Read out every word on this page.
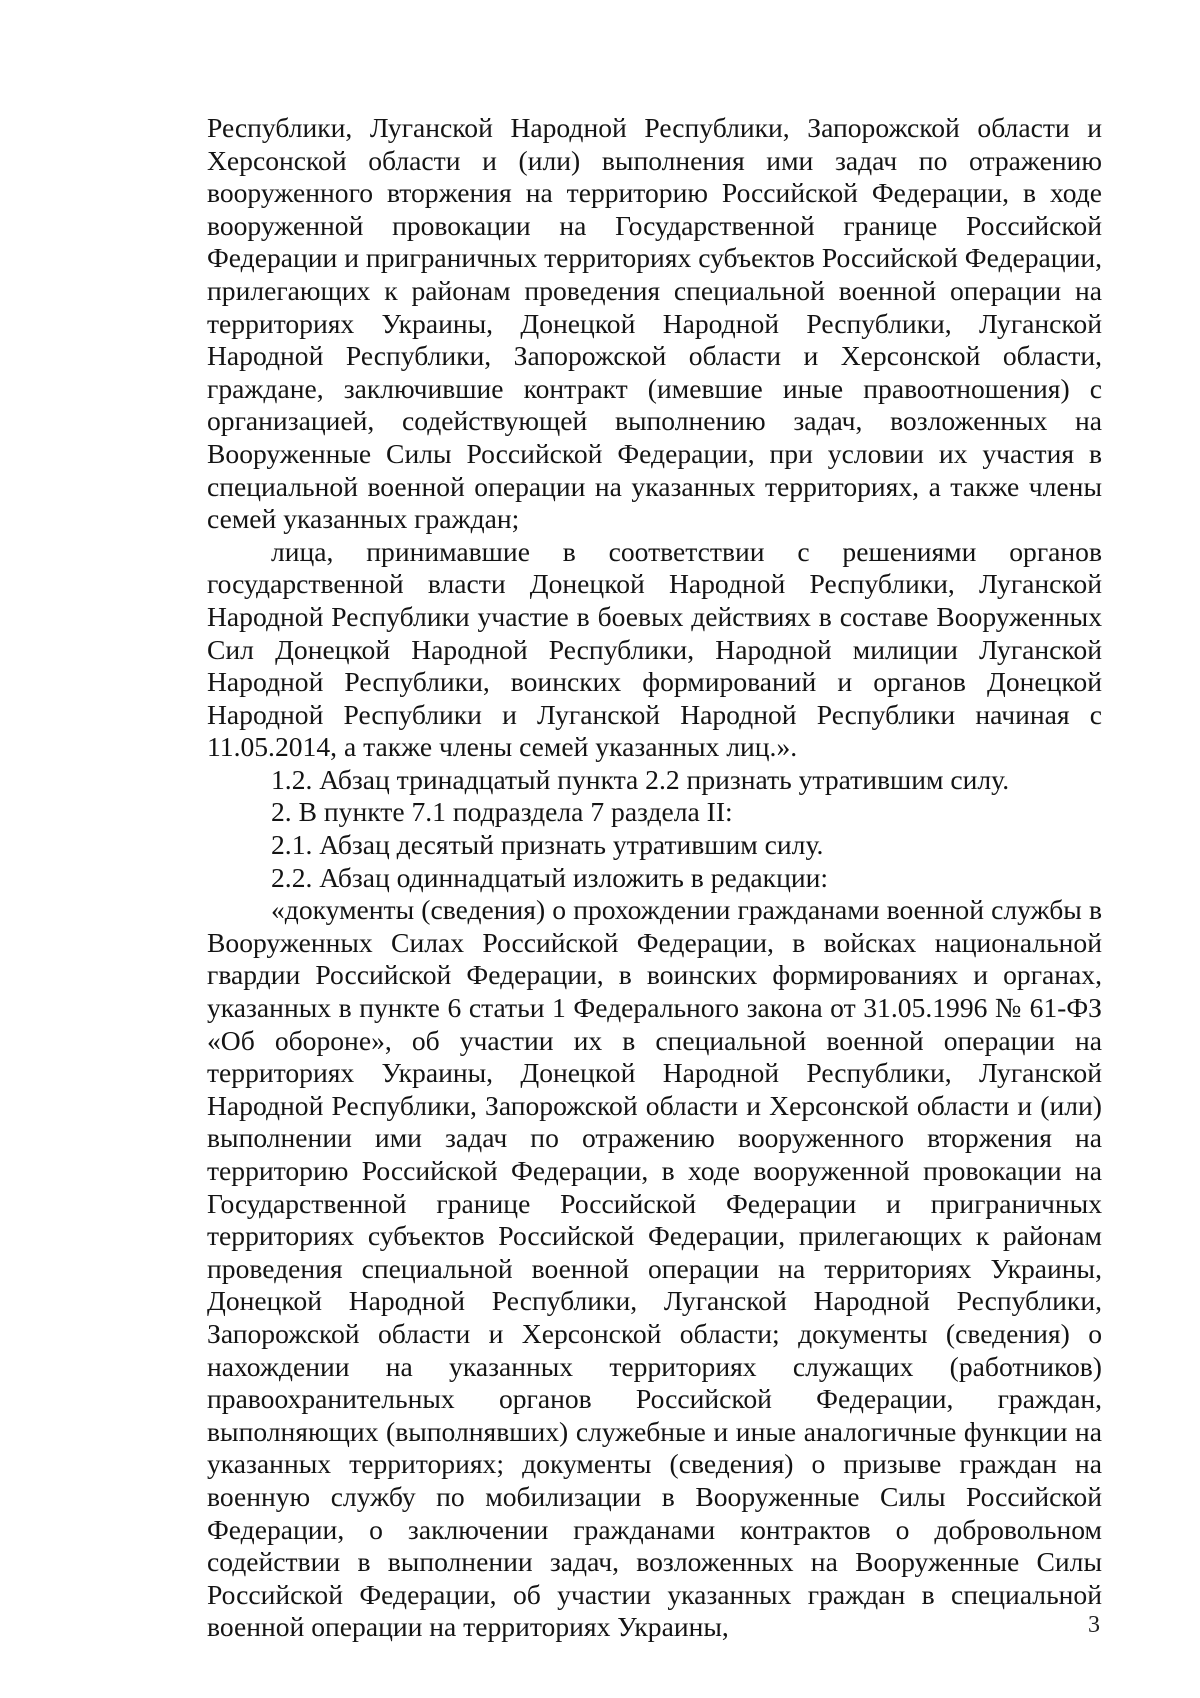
Республики, Луганской Народной Республики, Запорожской области и Херсонской области и (или) выполнения ими задач по отражению вооруженного вторжения на территорию Российской Федерации, в ходе вооруженной провокации на Государственной границе Российской Федерации и приграничных территориях субъектов Российской Федерации, прилегающих к районам проведения специальной военной операции на территориях Украины, Донецкой Народной Республики, Луганской Народной Республики, Запорожской области и Херсонской области, граждане, заключившие контракт (имевшие иные правоотношения) с организацией, содействующей выполнению задач, возложенных на Вооруженные Силы Российской Федерации, при условии их участия в специальной военной операции на указанных территориях, а также члены семей указанных граждан;

лица, принимавшие в соответствии с решениями органов государственной власти Донецкой Народной Республики, Луганской Народной Республики участие в боевых действиях в составе Вооруженных Сил Донецкой Народной Республики, Народной милиции Луганской Народной Республики, воинских формирований и органов Донецкой Народной Республики и Луганской Народной Республики начиная с 11.05.2014, а также члены семей указанных лиц.».

1.2. Абзац тринадцатый пункта 2.2 признать утратившим силу.

2. В пункте 7.1 подраздела 7 раздела II:

2.1. Абзац десятый признать утратившим силу.

2.2. Абзац одиннадцатый изложить в редакции:

«документы (сведения) о прохождении гражданами военной службы в Вооруженных Силах Российской Федерации, в войсках национальной гвардии Российской Федерации, в воинских формированиях и органах, указанных в пункте 6 статьи 1 Федерального закона от 31.05.1996 № 61-ФЗ «Об обороне», об участии их в специальной военной операции на территориях Украины, Донецкой Народной Республики, Луганской Народной Республики, Запорожской области и Херсонской области и (или) выполнении ими задач по отражению вооруженного вторжения на территорию Российской Федерации, в ходе вооруженной провокации на Государственной границе Российской Федерации и приграничных территориях субъектов Российской Федерации, прилегающих к районам проведения специальной военной операции на территориях Украины, Донецкой Народной Республики, Луганской Народной Республики, Запорожской области и Херсонской области; документы (сведения) о нахождении на указанных территориях служащих (работников) правоохранительных органов Российской Федерации, граждан, выполняющих (выполнявших) служебные и иные аналогичные функции на указанных территориях; документы (сведения) о призыве граждан на военную службу по мобилизации в Вооруженные Силы Российской Федерации, о заключении гражданами контрактов о добровольном содействии в выполнении задач, возложенных на Вооруженные Силы Российской Федерации, об участии указанных граждан в специальной военной операции на территориях Украины,	3
